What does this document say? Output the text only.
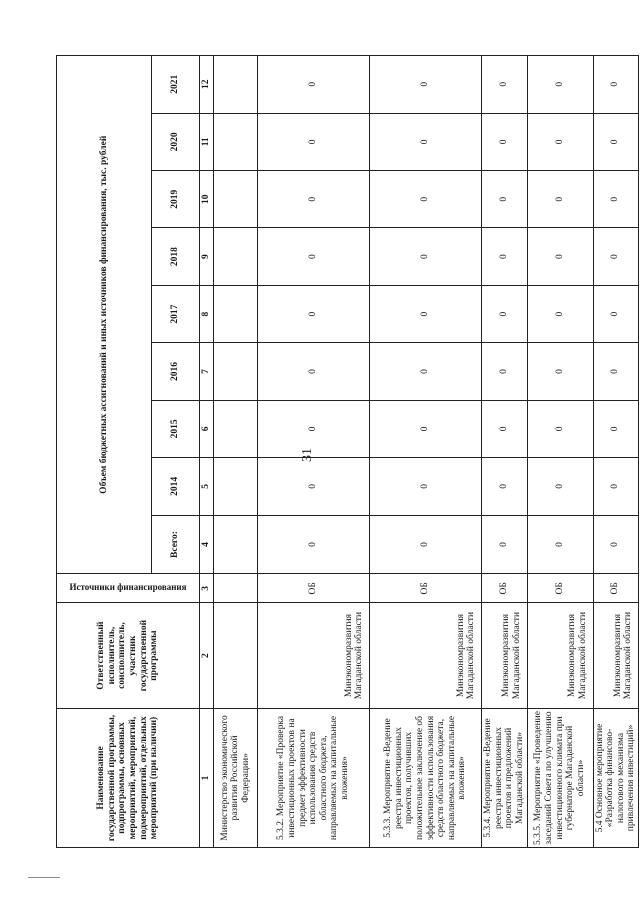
31
Наименование государственной программы, подпрограммы, основных мероприятий, мероприятий, подмероприятий, отдельных мероприятий (при наличии)	Ответственный исполнитель, соисполнитель, участник государственной программы	Источники финансирования	Объем бюджетных ассигнований и иных источников финансирования, тыс. рублей								
			Всего:	2014	2015	2016	2017	2018	2019	2020	2021
1	2	3	4	5	6	7	8	9	10	11	12
Министерство экономического развития Российской Федерации»											
5.3.2. Мероприятие «Проверка инвестиционных проектов на предмет эффективности использования средств областного бюджета, направляемых на капитальные вложения»	Минэкономразвития Магаданской области	ОБ	0	0	0	0	0	0	0	0	0
5.3.3. Мероприятие «Ведение реестра инвестиционных проектов, получивших положительное заключение об эффективности использования средств областного бюджета, направляемых на капитальные вложения»	Минэкономразвития Магаданской области	ОБ	0	0	0	0	0	0	0	0	0
5.3.4. Мероприятие «Ведение реестра инвестиционных проектов и предложений Магаданской области»	Минэкономразвития Магаданской области	ОБ	0	0	0	0	0	0	0	0	0
5.3.5. Мероприятие «Проведение заседаний Совета по улучшению инвестиционного климата при губернаторе Магаданской области»	Минэкономразвития Магаданской области	ОБ	0	0	0	0	0	0	0	0	0
5.4 Основное мероприятие «Разработка финансово-налогового механизма привлечения инвестиций»	Минэкономразвития Магаданской области	ОБ	0	0	0	0	0	0	0	0	0
